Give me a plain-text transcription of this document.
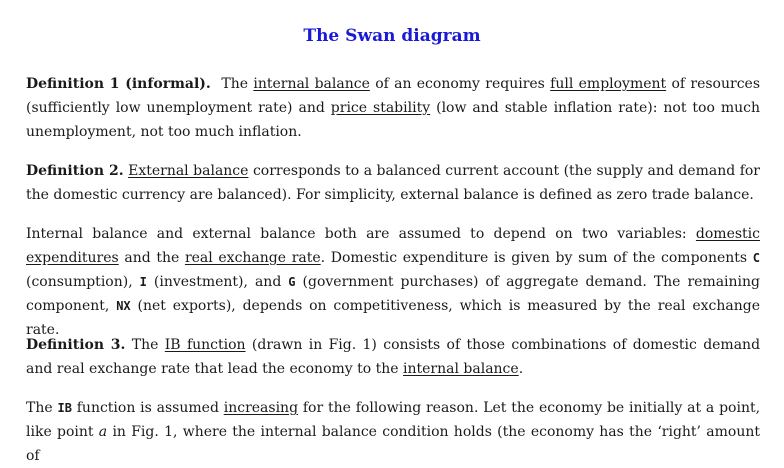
The Swan diagram

Definition 1 (informal). The internal balance of an economy requires full employment of resources (sufficiently low unemployment rate) and price stability (low and stable inflation rate): not too much unemployment, not too much inflation.

Definition 2. External balance corresponds to a balanced current account (the supply and demand for the domestic currency are balanced). For simplicity, external balance is defined as zero trade balance.

Internal balance and external balance both are assumed to depend on two variables: domestic expenditures and the real exchange rate. Domestic expenditure is given by sum of the components C (consumption), I (investment), and G (government purchases) of aggregate demand. The remaining component, NX (net exports), depends on competitiveness, which is measured by the real exchange rate.

Definition 3. The IB function (drawn in Fig. 1) consists of those combinations of domestic demand and real exchange rate that lead the economy to the internal balance.

The IB function is assumed increasing for the following reason. Let the economy be initially at a point, like point a in Fig. 1, where the internal balance condition holds (the economy has the ‘right’ amount of
